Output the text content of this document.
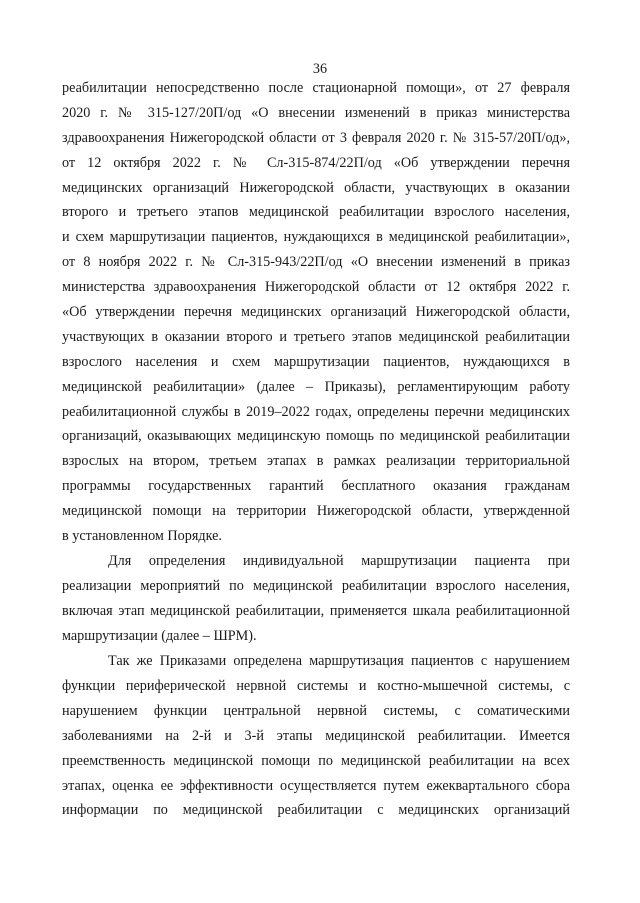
36
реабилитации непосредственно после стационарной помощи», от 27 февраля
2020 г. № 315-127/20П/од «О внесении изменений в приказ министерства
здравоохранения Нижегородской области от 3 февраля 2020 г. № 315-57/20П/од»,
от 12 октября 2022 г. № Сл-315-874/22П/од «Об утверждении перечня
медицинских организаций Нижегородской области, участвующих в оказании
второго и третьего этапов медицинской реабилитации взрослого населения,
и схем маршрутизации пациентов, нуждающихся в медицинской реабилитации»,
от 8 ноября 2022 г. № Сл-315-943/22П/од «О внесении изменений в приказ
министерства здравоохранения Нижегородской области от 12 октября 2022 г.
«Об утверждении перечня медицинских организаций Нижегородской области,
участвующих в оказании второго и третьего этапов медицинской реабилитации
взрослого населения и схем маршрутизации пациентов, нуждающихся в
медицинской реабилитации» (далее – Приказы), регламентирующим работу
реабилитационной службы в 2019–2022 годах, определены перечни медицинских
организаций, оказывающих медицинскую помощь по медицинской реабилитации
взрослых на втором, третьем этапах в рамках реализации территориальной
программы государственных гарантий бесплатного оказания гражданам
медицинской помощи на территории Нижегородской области, утвержденной
в установленном Порядке.
Для определения индивидуальной маршрутизации пациента при
реализации мероприятий по медицинской реабилитации взрослого населения,
включая этап медицинской реабилитации, применяется шкала реабилитационной
маршрутизации (далее – ШРМ).
Так же Приказами определена маршрутизация пациентов с нарушением
функции периферической нервной системы и костно-мышечной системы, с
нарушением функции центральной нервной системы, с соматическими
заболеваниями на 2-й и 3-й этапы медицинской реабилитации. Имеется
преемственность медицинской помощи по медицинской реабилитации на всех
этапах, оценка ее эффективности осуществляется путем ежеквартального сбора
информации по медицинской реабилитации с медицинских организаций
